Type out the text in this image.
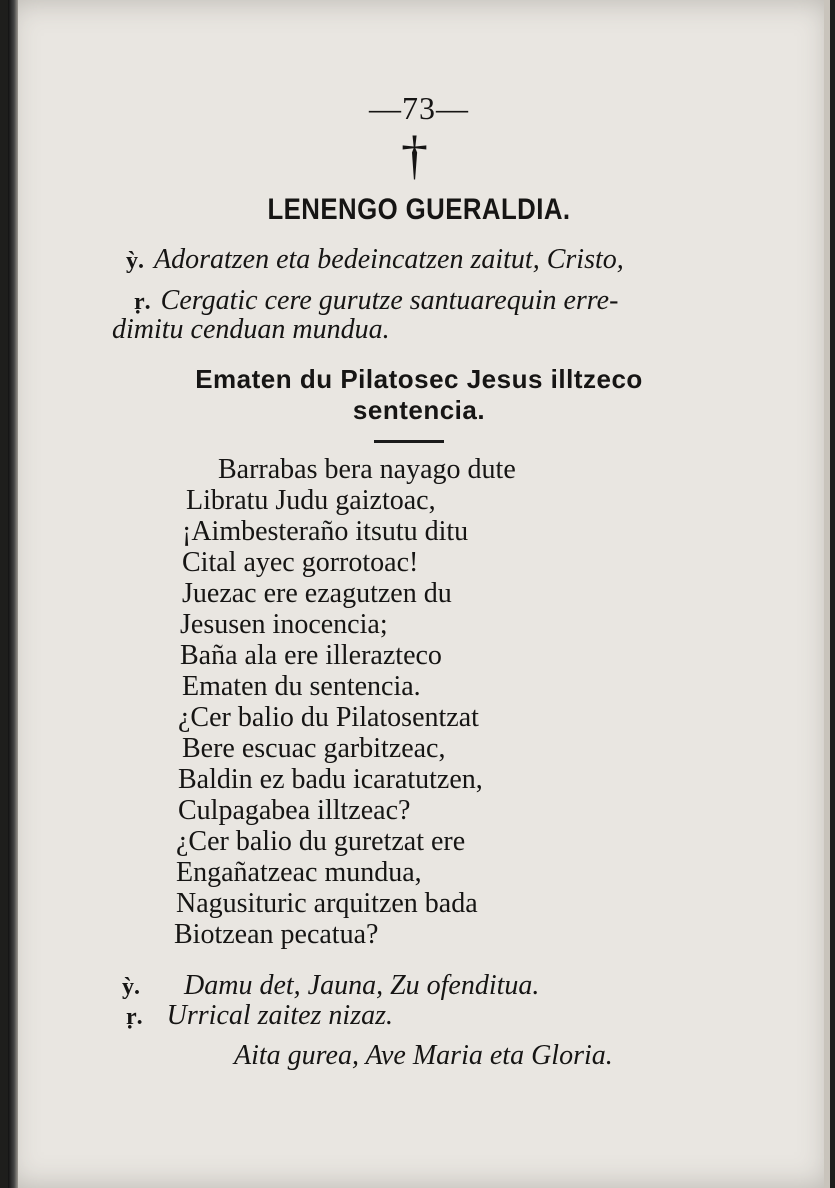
—73—
†
LENENGO GUERALDIA.
ỳ. Adoratzen eta bedeincatzen zaitut, Cristo,
ṛ. Cergatic cere gurutze santuarequin erre-
dimitu cenduan mundua.
Ematen du Pilatosec Jesus illtzeco
sentencia.
Barrabas bera nayago dute
Libratu Judu gaiztoac,
¡Aimbesteraño itsutu ditu
Cital ayec gorrotoac!
Juezac ere ezagutzen du
Jesusen inocencia;
Baña ala ere illerazteco
Ematen du sentencia.
¿Cer balio du Pilatosentzat
Bere escuac garbitzeac,
Baldin ez badu icaratutzen,
Culpagabea illtzeac?
¿Cer balio du guretzat ere
Engañatzeac mundua,
Nagusituric arquitzen bada
Biotzean pecatua?
ỳ. Damu det, Jauna, Zu ofenditua.
ṛ. Urrical zaitez nizaz.
Aita gurea, Ave Maria eta Gloria.
